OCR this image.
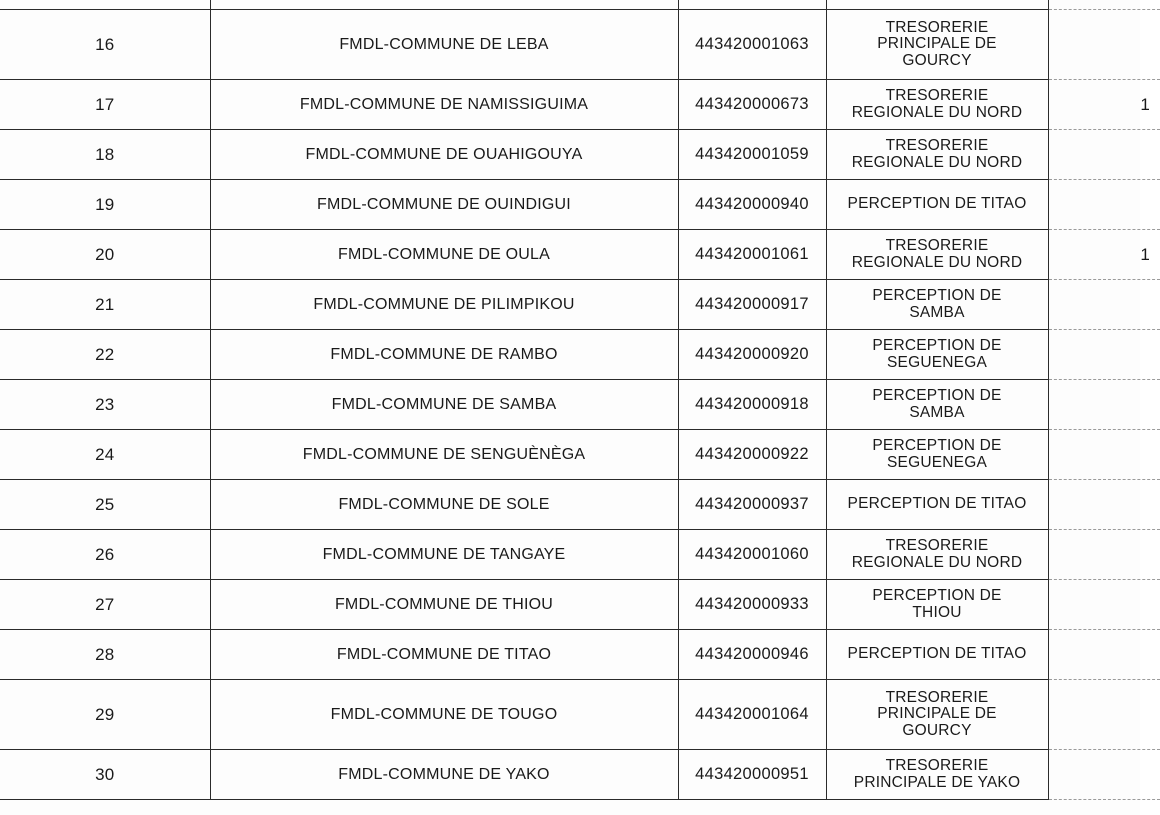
16	FMDL-COMMUNE DE LEBA	443420001063	TRESORERIE
PRINCIPALE DE
GOURCY	

17	FMDL-COMMUNE DE NAMISSIGUIMA	443420000673	TRESORERIE
REGIONALE DU NORD	1
18	FMDL-COMMUNE DE OUAHIGOUYA	443420001059	TRESORERIE
REGIONALE DU NORD	

19	FMDL-COMMUNE DE OUINDIGUI	443420000940	PERCEPTION DE TITAO	

20	FMDL-COMMUNE DE OULA	443420001061	TRESORERIE
REGIONALE DU NORD	1
21	FMDL-COMMUNE DE PILIMPIKOU	443420000917	PERCEPTION DE
SAMBA	

22	FMDL-COMMUNE DE RAMBO	443420000920	PERCEPTION DE
SEGUENEGA	

23	FMDL-COMMUNE DE SAMBA	443420000918	PERCEPTION DE
SAMBA	

24	FMDL-COMMUNE DE SENGUÈNÈGA	443420000922	PERCEPTION DE
SEGUENEGA	

25	FMDL-COMMUNE DE SOLE	443420000937	PERCEPTION DE TITAO	

26	FMDL-COMMUNE DE TANGAYE	443420001060	TRESORERIE
REGIONALE DU NORD	

27	FMDL-COMMUNE DE THIOU	443420000933	PERCEPTION DE
THIOU	

28	FMDL-COMMUNE DE TITAO	443420000946	PERCEPTION DE TITAO	

29	FMDL-COMMUNE DE TOUGO	443420001064	TRESORERIE
PRINCIPALE DE
GOURCY	

30	FMDL-COMMUNE DE YAKO	443420000951	TRESORERIE
PRINCIPALE DE YAKO	
